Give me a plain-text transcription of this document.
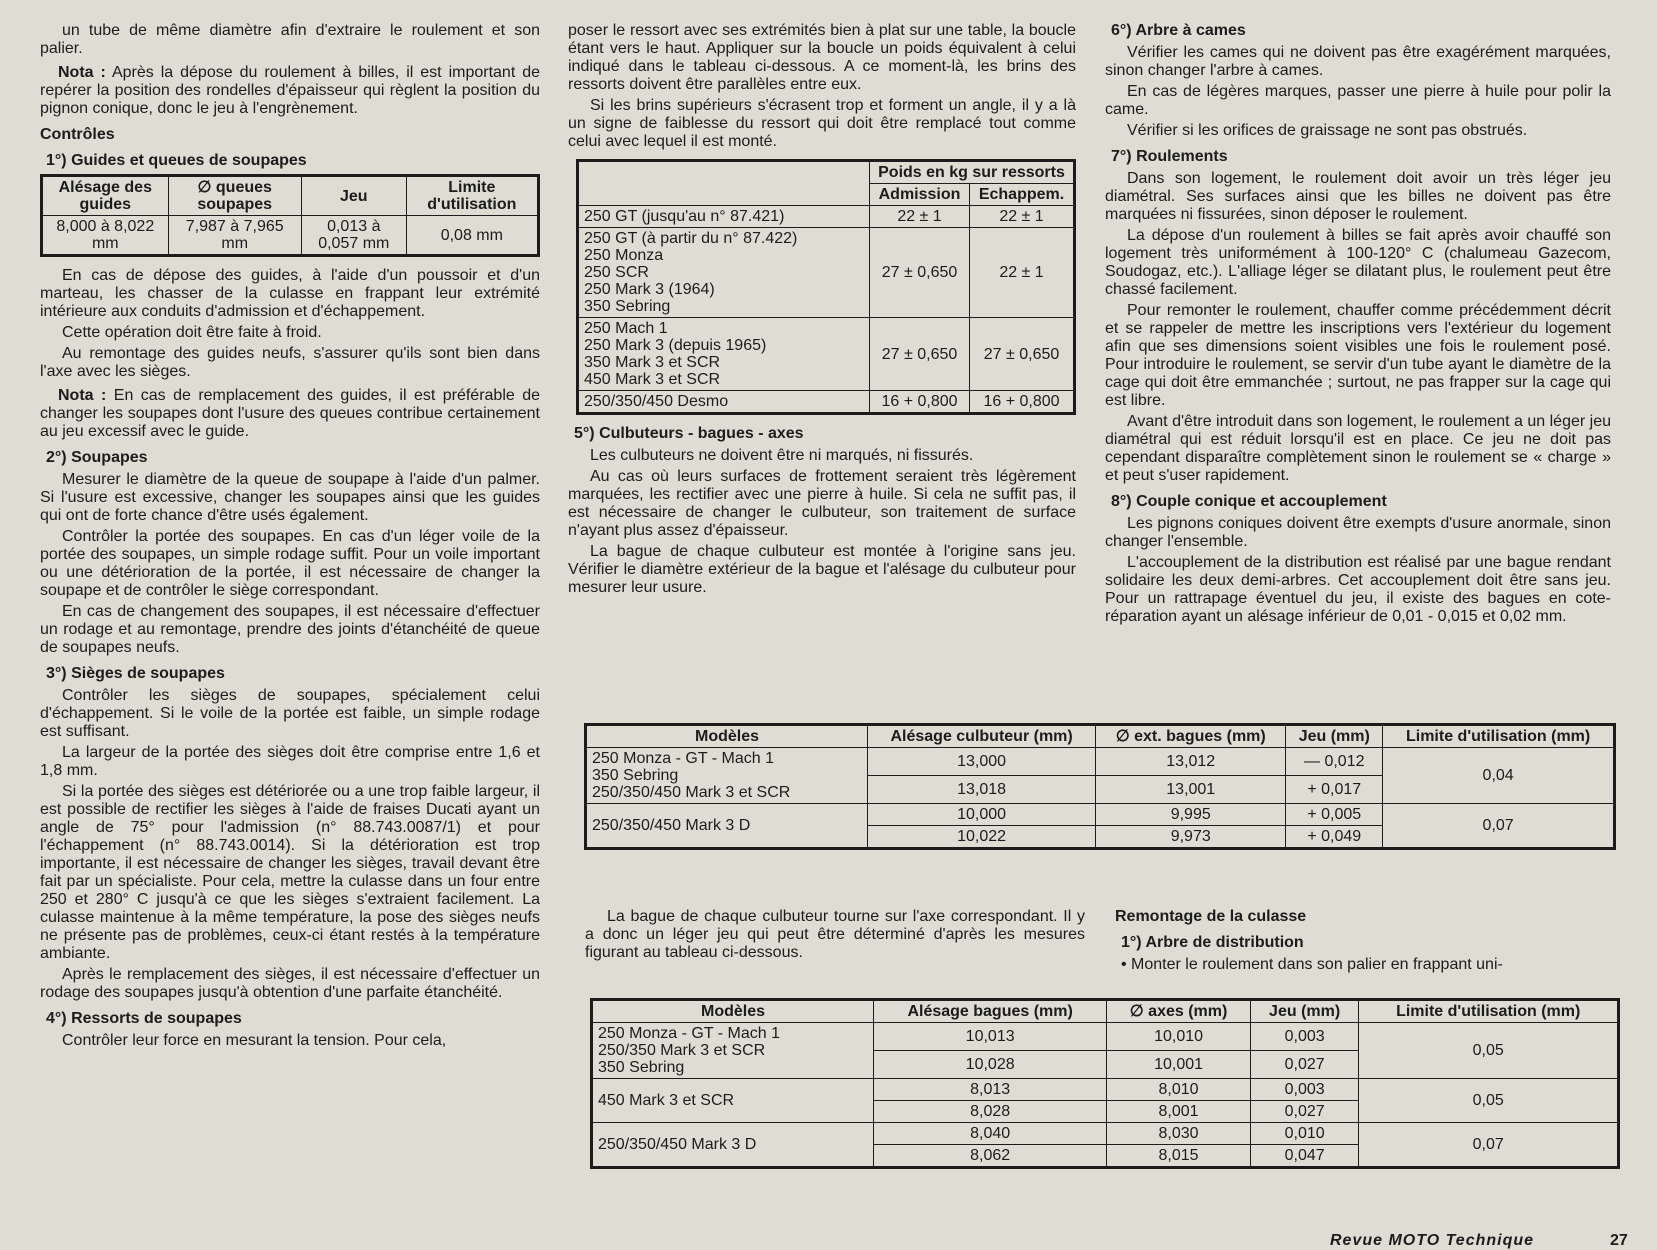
un tube de même diamètre afin d'extraire le roulement et son palier.

Nota : Après la dépose du roulement à billes, il est important de repérer la position des rondelles d'épaisseur qui règlent la position du pignon conique, donc le jeu à l'engrènement.

Contrôles
1°) Guides et queues de soupapes
Alésage des guides	∅ queues soupapes	Jeu	Limite d'utilisation
8,000 à 8,022 mm	7,987 à 7,965 mm	0,013 à 0,057 mm	0,08 mm

En cas de dépose des guides, à l'aide d'un poussoir et d'un marteau, les chasser de la culasse en frappant leur extrémité intérieure aux conduits d'admission et d'échappement.

Cette opération doit être faite à froid.

Au remontage des guides neufs, s'assurer qu'ils sont bien dans l'axe avec les sièges.

Nota : En cas de remplacement des guides, il est préférable de changer les soupapes dont l'usure des queues contribue certainement au jeu excessif avec le guide.

2°) Soupapes

Mesurer le diamètre de la queue de soupape à l'aide d'un palmer. Si l'usure est excessive, changer les soupapes ainsi que les guides qui ont de forte chance d'être usés également.

Contrôler la portée des soupapes. En cas d'un léger voile de la portée des soupapes, un simple rodage suffit. Pour un voile important ou une détérioration de la portée, il est nécessaire de changer la soupape et de contrôler le siège correspondant.

En cas de changement des soupapes, il est nécessaire d'effectuer un rodage et au remontage, prendre des joints d'étanchéité de queue de soupapes neufs.

3°) Sièges de soupapes

Contrôler les sièges de soupapes, spécialement celui d'échappement. Si le voile de la portée est faible, un simple rodage est suffisant.

La largeur de la portée des sièges doit être comprise entre 1,6 et 1,8 mm.

Si la portée des sièges est détériorée ou a une trop faible largeur, il est possible de rectifier les sièges à l'aide de fraises Ducati ayant un angle de 75° pour l'admission (n° 88.743.0087/1) et pour l'échappement (n° 88.743.0014). Si la détérioration est trop importante, il est nécessaire de changer les sièges, travail devant être fait par un spécialiste. Pour cela, mettre la culasse dans un four entre 250 et 280° C jusqu'à ce que les sièges s'extraient facilement. La culasse maintenue à la même température, la pose des sièges neufs ne présente pas de problèmes, ceux-ci étant restés à la température ambiante.

Après le remplacement des sièges, il est nécessaire d'effectuer un rodage des soupapes jusqu'à obtention d'une parfaite étanchéité.

4°) Ressorts de soupapes

Contrôler leur force en mesurant la tension. Pour cela,

poser le ressort avec ses extrémités bien à plat sur une table, la boucle étant vers le haut. Appliquer sur la boucle un poids équivalent à celui indiqué dans le tableau ci-dessous. A ce moment-là, les brins des ressorts doivent être parallèles entre eux.

Si les brins supérieurs s'écrasent trop et forment un angle, il y a là un signe de faiblesse du ressort qui doit être remplacé tout comme celui avec lequel il est monté.

	Poids en kg sur ressorts	
	Admission	Echappem.

250 GT (jusqu'au n° 87.421)	22 ± 1	22 ± 1

250 GT (à partir du n° 87.422)
250 Monza
250 SCR
250 Mark 3 (1964)
350 Sebring	27 ± 0,650	22 ± 1

250 Mach 1
250 Mark 3 (depuis 1965)
350 Mark 3 et SCR
450 Mark 3 et SCR	27 ± 0,650	27 ± 0,650

250/350/450 Desmo	16 + 0,800	16 + 0,800
5°) Culbuteurs - bagues - axes

Les culbuteurs ne doivent être ni marqués, ni fissurés.

Au cas où leurs surfaces de frottement seraient très légèrement marquées, les rectifier avec une pierre à huile. Si cela ne suffit pas, il est nécessaire de changer le culbuteur, son traitement de surface n'ayant plus assez d'épaisseur.

La bague de chaque culbuteur est montée à l'origine sans jeu. Vérifier le diamètre extérieur de la bague et l'alésage du culbuteur pour mesurer leur usure.

6°) Arbre à cames

Vérifier les cames qui ne doivent pas être exagérément marquées, sinon changer l'arbre à cames.

En cas de légères marques, passer une pierre à huile pour polir la came.

Vérifier si les orifices de graissage ne sont pas obstrués.

7°) Roulements

Dans son logement, le roulement doit avoir un très léger jeu diamétral. Ses surfaces ainsi que les billes ne doivent pas être marquées ni fissurées, sinon déposer le roulement.

La dépose d'un roulement à billes se fait après avoir chauffé son logement très uniformément à 100-120° C (chalumeau Gazecom, Soudogaz, etc.). L'alliage léger se dilatant plus, le roulement peut être chassé facilement.

Pour remonter le roulement, chauffer comme précédemment décrit et se rappeler de mettre les inscriptions vers l'extérieur du logement afin que ses dimensions soient visibles une fois le roulement posé. Pour introduire le roulement, se servir d'un tube ayant le diamètre de la cage qui doit être emmanchée ; surtout, ne pas frapper sur la cage qui est libre.

Avant d'être introduit dans son logement, le roulement a un léger jeu diamétral qui est réduit lorsqu'il est en place. Ce jeu ne doit pas cependant disparaître complètement sinon le roulement se « charge » et peut s'user rapidement.

8°) Couple conique et accouplement

Les pignons coniques doivent être exempts d'usure anormale, sinon changer l'ensemble.

L'accouplement de la distribution est réalisé par une bague rendant solidaire les deux demi-arbres. Cet accouplement doit être sans jeu. Pour un rattrapage éventuel du jeu, il existe des bagues en cote-réparation ayant un alésage inférieur de 0,01 - 0,015 et 0,02 mm.

Modèles	Alésage culbuteur (mm)	∅ ext. bagues (mm)	Jeu (mm)	Limite d'utilisation (mm)

250 Monza - GT - Mach 1
350 Sebring
250/350/450 Mark 3 et SCR	13,000	13,012	— 0,012	0,04
	13,018	13,001	+ 0,017	

250/350/450 Mark 3 D	10,000	9,995	+ 0,005	0,07
	10,022	9,973	+ 0,049	

La bague de chaque culbuteur tourne sur l'axe correspondant. Il y a donc un léger jeu qui peut être déterminé d'après les mesures figurant au tableau ci-dessous.

Remontage de la culasse
1°) Arbre de distribution
• Monter le roulement dans son palier en frappant uni-
Modèles	Alésage bagues (mm)	∅ axes (mm)	Jeu (mm)	Limite d'utilisation (mm)

250 Monza - GT - Mach 1
250/350 Mark 3 et SCR
350 Sebring	10,013	10,010	0,003	0,05
	10,028	10,001	0,027	

450 Mark 3 et SCR	8,013	8,010	0,003	0,05
	8,028	8,001	0,027	

250/350/450 Mark 3 D	8,040	8,030	0,010	0,07
	8,062	8,015	0,047	
Revue MOTO Technique	27
